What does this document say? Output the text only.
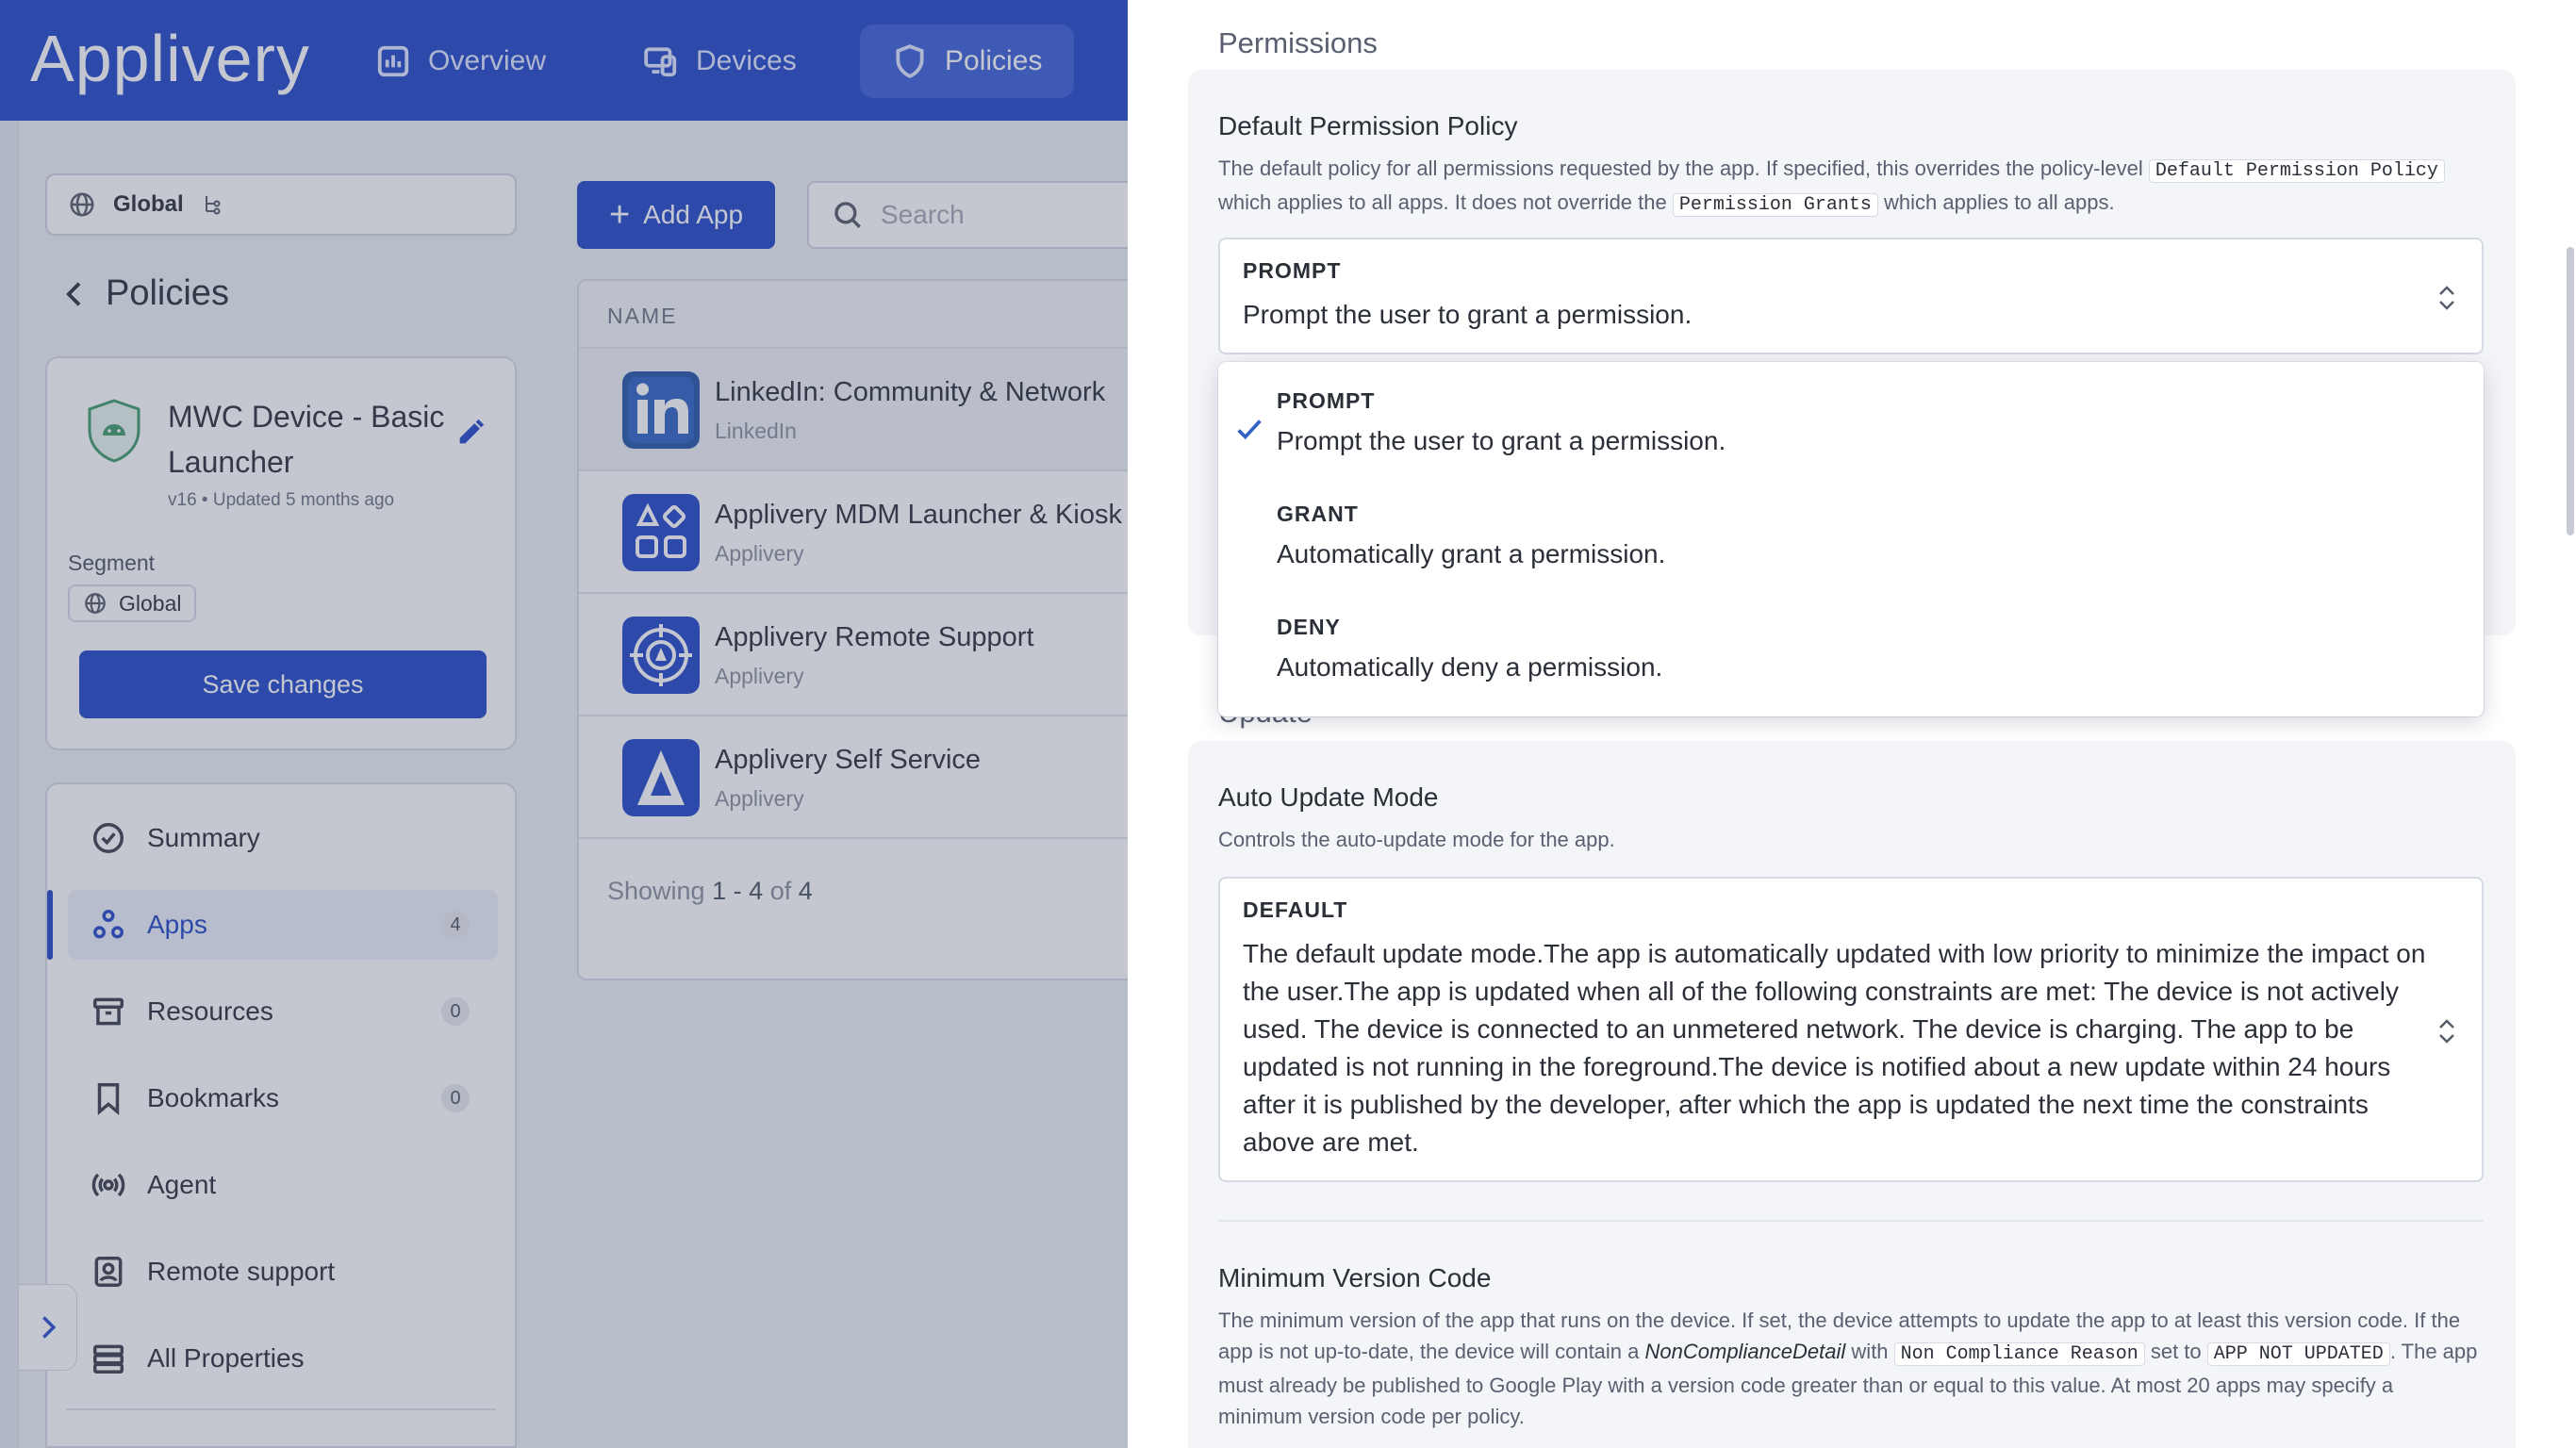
Applivery	Overview	Devices	Policies
Global
Policies
MWC Device - Basic Launcher
v16 • Updated 5 months ago
Segment
Global
Save changes
Summary
Apps	4
Resources	0
Bookmarks	0
Agent
Remote support
All Properties
+ Add App	Search
NAME
LinkedIn: Community & Network
LinkedIn
Applivery MDM Launcher & Kiosk
Applivery
Applivery Remote Support
Applivery
Applivery Self Service
Applivery
Showing 1 - 4 of 4
Permissions
Default Permission Policy
The default policy for all permissions requested by the app. If specified, this overrides the policy-level Default Permission Policy which applies to all apps. It does not override the Permission Grants which applies to all apps.
PROMPT
Prompt the user to grant a permission.
Auto Update Mode
Controls the auto-update mode for the app.
DEFAULT
The default update mode.The app is automatically updated with low priority to minimize the impact on the user.The app is updated when all of the following constraints are met: The device is not actively used. The device is connected to an unmetered network. The device is charging. The app to be updated is not running in the foreground.The device is notified about a new update within 24 hours after it is published by the developer, after which the app is updated the next time the constraints above are met.
Minimum Version Code
The minimum version of the app that runs on the device. If set, the device attempts to update the app to at least this version code. If the app is not up-to-date, the device will contain a NonComplianceDetail with Non Compliance Reason set to APP NOT UPDATED . The app must already be published to Google Play with a version code greater than or equal to this value. At most 20 apps may specify a minimum version code per policy.
PROMPT
Prompt the user to grant a permission.
GRANT
Automatically grant a permission.
DENY
Automatically deny a permission.
